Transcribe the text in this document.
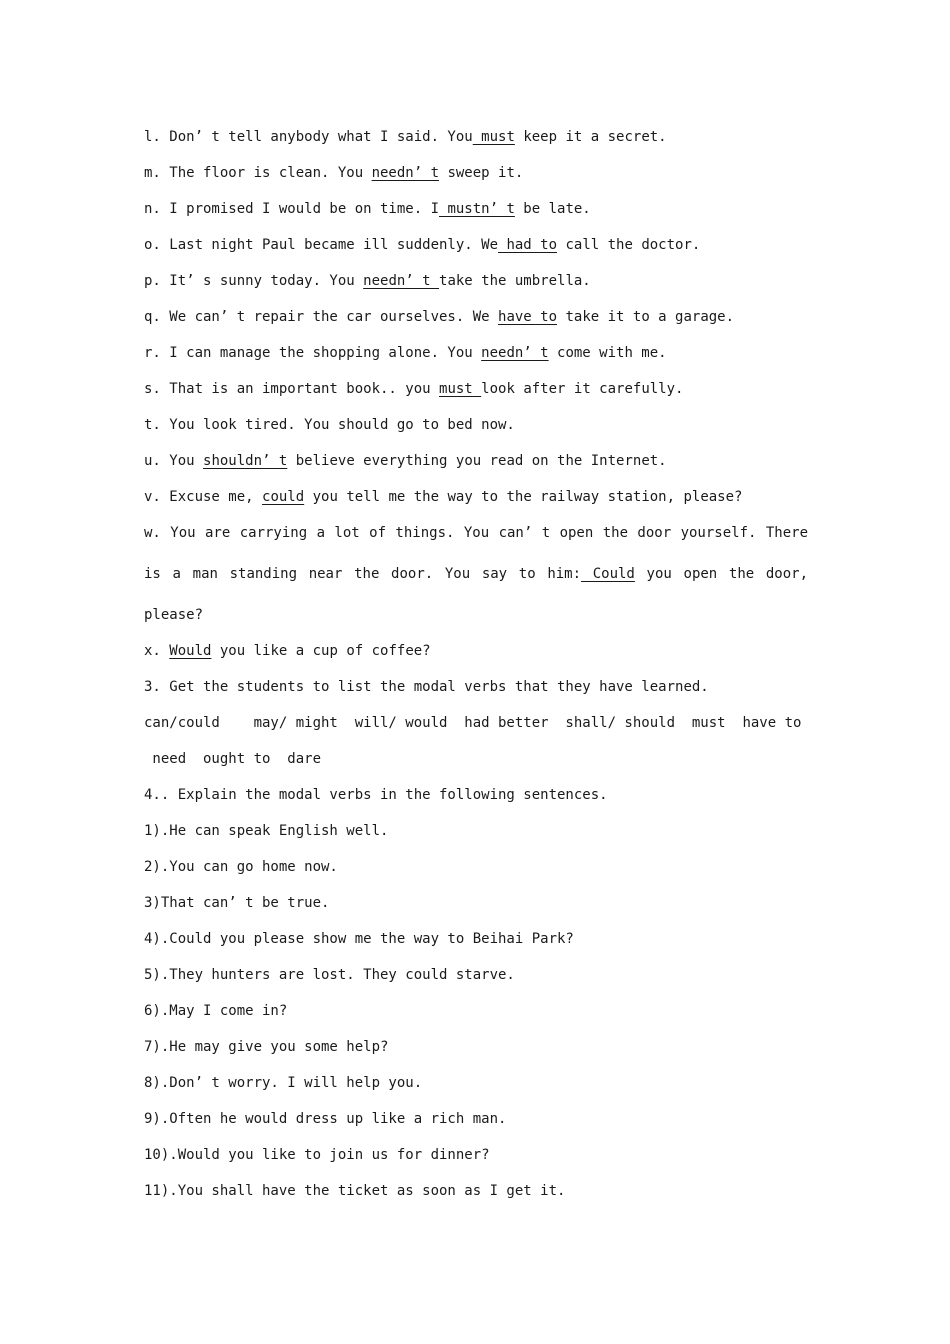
l. Don’ t tell anybody what I said. You must keep it a secret.
m. The floor is clean. You needn’ t sweep it.
n. I promised I would be on time. I mustn’ t be late.
o. Last night Paul became ill suddenly. We had to call the doctor.
p. It’ s sunny today. You needn’ t take the umbrella.
q. We can’ t repair the car ourselves. We have to take it to a garage.
r. I can manage the shopping alone. You needn’ t come with me.
s. That is an important book.. you must look after it carefully.
t. You look tired. You should go to bed now.
u. You shouldn’ t believe everything you read on the Internet.
v. Excuse me, could you tell me the way to the railway station, please?
w. You are carrying a lot of things. You can’ t open the door yourself. There
is a man standing near the door. You say to him: Could you open the door,
please?
x. Would you like a cup of coffee?
3. Get the students to list the modal verbs that they have learned.
can/could    may/ might  will/ would  had better  shall/ should  must  have to
need  ought to  dare
4.. Explain the modal verbs in the following sentences.
1).He can speak English well.
2).You can go home now.
3)That can’ t be true.
4).Could you please show me the way to Beihai Park?
5).They hunters are lost. They could starve.
6).May I come in?
7).He may give you some help?
8).Don’ t worry. I will help you.
9).Often he would dress up like a rich man.
10).Would you like to join us for dinner?
11).You shall have the ticket as soon as I get it.
